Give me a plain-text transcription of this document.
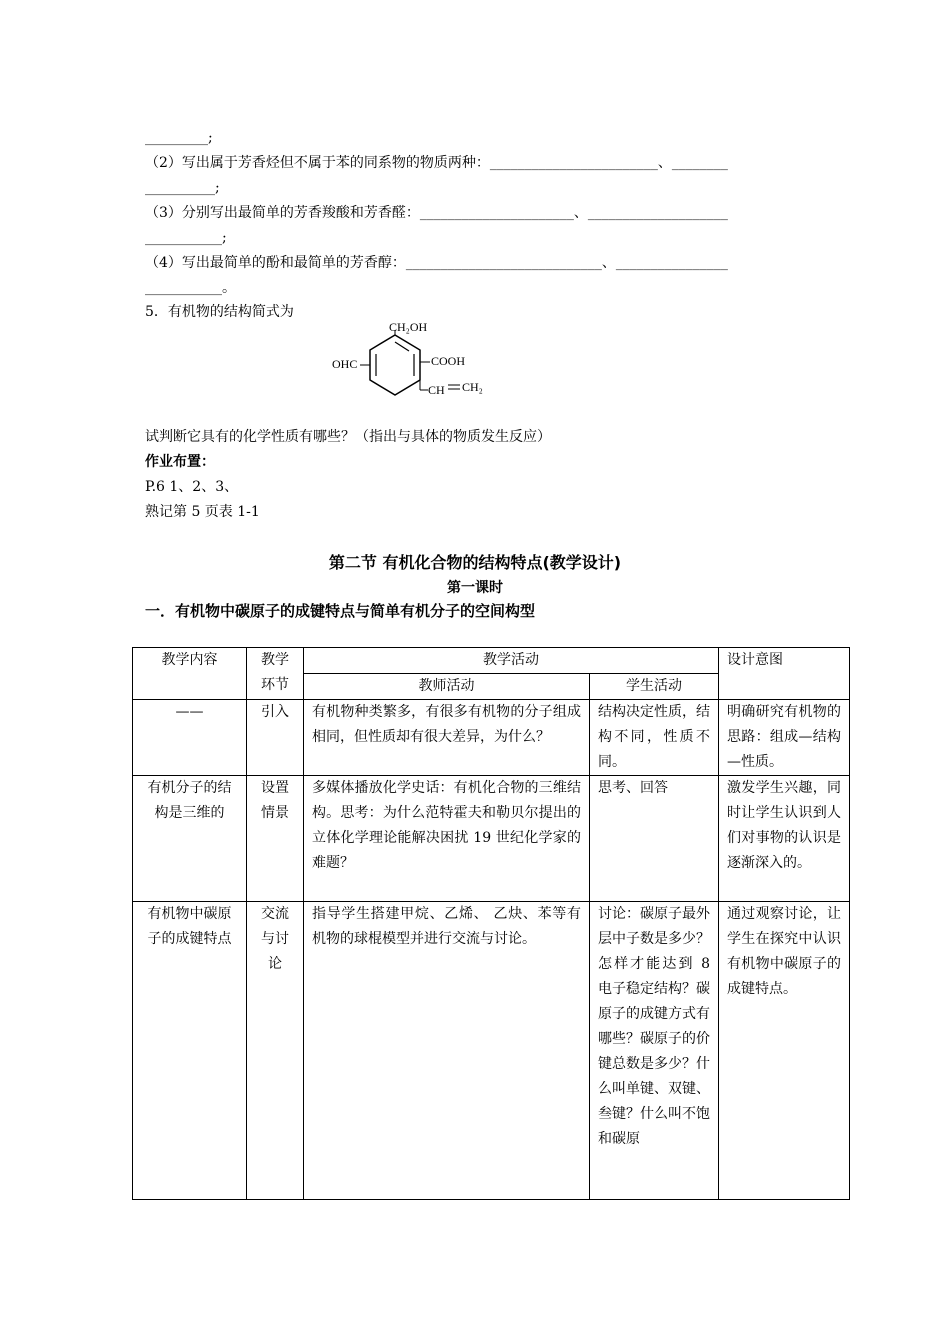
_________;
（2）写出属于芳香烃但不属于苯的同系物的物质两种：________________________、________
__________;
（3）分别写出最简单的芳香羧酸和芳香醛：______________________、____________________
___________;
（4）写出最简单的酚和最简单的芳香醇：____________________________、________________
___________。
5．有机物的结构简式为
CH₂OH
OHC	COOH
CH CH₂
试判断它具有的化学性质有哪些？（指出与具体的物质发生反应）
作业布置：
P.6 1、2、3、
熟记第 5 页表 1-1
第二节 有机化合物的结构特点(教学设计)
第一课时
一．有机物中碳原子的成键特点与简单有机分子的空间构型
教学内容	教学环节	教学活动		设计意图
		教师活动	学生活动	
——	引入	有机物种类繁多，有很多有机物的分子组成相同，但性质却有很大差异，为什么？	结构决定性质，结构不同，性质不同。	明确研究有机物的思路：组成—结构—性质。
有机分子的结构是三维的	设置情景	多媒体播放化学史话：有机化合物的三维结构。思考：为什么范特霍夫和勒贝尔提出的立体化学理论能解决困扰 19 世纪化学家的难题？	思考、回答	激发学生兴趣，同时让学生认识到人们对事物的认识是逐渐深入的。
有机物中碳原子的成键特点	交流与讨论	指导学生搭建甲烷、乙烯、 乙炔、苯等有机物的球棍模型并进行交流与讨论。	讨论：碳原子最外层中子数是多少？怎样才能达到 8 电子稳定结构？碳原子的成键方式有哪些？碳原子的价键总数是多少？什么叫单键、双键、叁键？什么叫不饱和碳原	通过观察讨论，让学生在探究中认识有机物中碳原子的成键特点。
